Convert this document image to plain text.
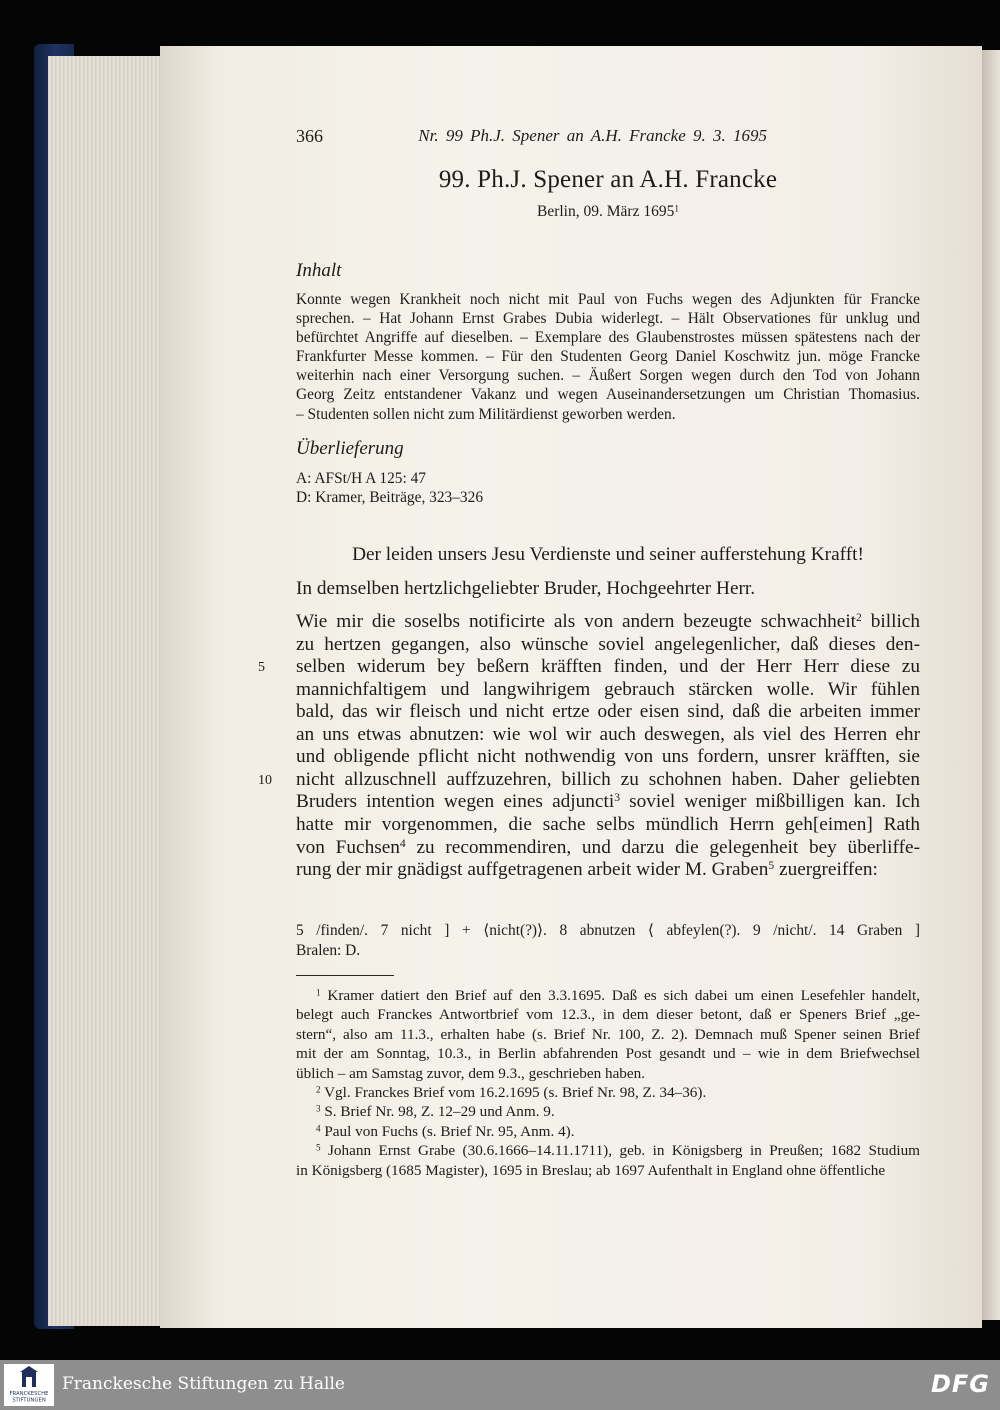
366	Nr. 99 Ph.J. Spener an A.H. Francke 9. 3. 1695
99. Ph.J. Spener an A.H. Francke
Berlin, 09. März 1695$^1$
Inhalt
Konnte wegen Krankheit noch nicht mit Paul von Fuchs wegen des Adjunkten für Francke
sprechen. – Hat Johann Ernst Grabes Dubia widerlegt. – Hält Observationes für unklug und
befürchtet Angriffe auf dieselben. – Exemplare des Glaubenstrostes müssen spätestens nach der
Frankfurter Messe kommen. – Für den Studenten Georg Daniel Koschwitz jun. möge Francke
weiterhin nach einer Versorgung suchen. – Äußert Sorgen wegen durch den Tod von Johann
Georg Zeitz entstandener Vakanz und wegen Auseinandersetzungen um Christian Thomasius.
– Studenten sollen nicht zum Militärdienst geworben werden.
Überlieferung
A: AFSt/H A 125: 47
D: Kramer, Beiträge, 323–326
Der leiden unsers Jesu Verdienste und seiner aufferstehung Krafft!
In demselben hertzlichgeliebter Bruder, Hochgeehrter Herr.
Wie mir die soselbs notificirte als von andern bezeugte schwachheit$^2$ billich
zu hertzen gegangen, also wünsche soviel angelegenlicher, daß dieses den-
selben widerum bey beßern kräfften finden, und der Herr Herr diese zu
5
mannichfaltigem und langwihrigem gebrauch stärcken wolle. Wir fühlen
bald, das wir fleisch und nicht ertze oder eisen sind, daß die arbeiten immer
an uns etwas abnutzen: wie wol wir auch deswegen, als viel des Herren ehr
und obligende pflicht nicht nothwendig von uns fordern, unsrer kräfften, sie
nicht allzuschnell auffzuzehren, billich zu schohnen haben. Daher geliebten
10
Bruders intention wegen eines adjuncti$^3$ soviel weniger mißbilligen kan. Ich
hatte mir vorgenommen, die sache selbs mündlich Herrn geh[eimen] Rath
von Fuchsen$^4$ zu recommendiren, und darzu die gelegenheit bey überliffe-
rung der mir gnädigst auffgetragenen arbeit wider M. Graben$^5$ zuergreiffen:
5 /finden/. 7 nicht ] + ⟨nicht(?)⟩. 8 abnutzen ⟨ abfeylen(?). 9 /nicht/. 14 Graben ]
Bralen: D.
$^1$ Kramer datiert den Brief auf den 3.3.1695. Daß es sich dabei um einen Lesefehler handelt,
belegt auch Franckes Antwortbrief vom 12.3., in dem dieser betont, daß er Speners Brief „ge-
stern“, also am 11.3., erhalten habe (s. Brief Nr. 100, Z. 2). Demnach muß Spener seinen Brief
mit der am Sonntag, 10.3., in Berlin abfahrenden Post gesandt und – wie in dem Briefwechsel
üblich – am Samstag zuvor, dem 9.3., geschrieben haben.
$^2$ Vgl. Franckes Brief vom 16.2.1695 (s. Brief Nr. 98, Z. 34–36).
$^3$ S. Brief Nr. 98, Z. 12–29 und Anm. 9.
$^4$ Paul von Fuchs (s. Brief Nr. 95, Anm. 4).
$^5$ Johann Ernst Grabe (30.6.1666–14.11.1711), geb. in Königsberg in Preußen; 1682 Studium
in Königsberg (1685 Magister), 1695 in Breslau; ab 1697 Aufenthalt in England ohne öffentliche
FRANCKESCHE
STIFTUNGEN
Franckesche Stiftungen zu Halle	DFG
